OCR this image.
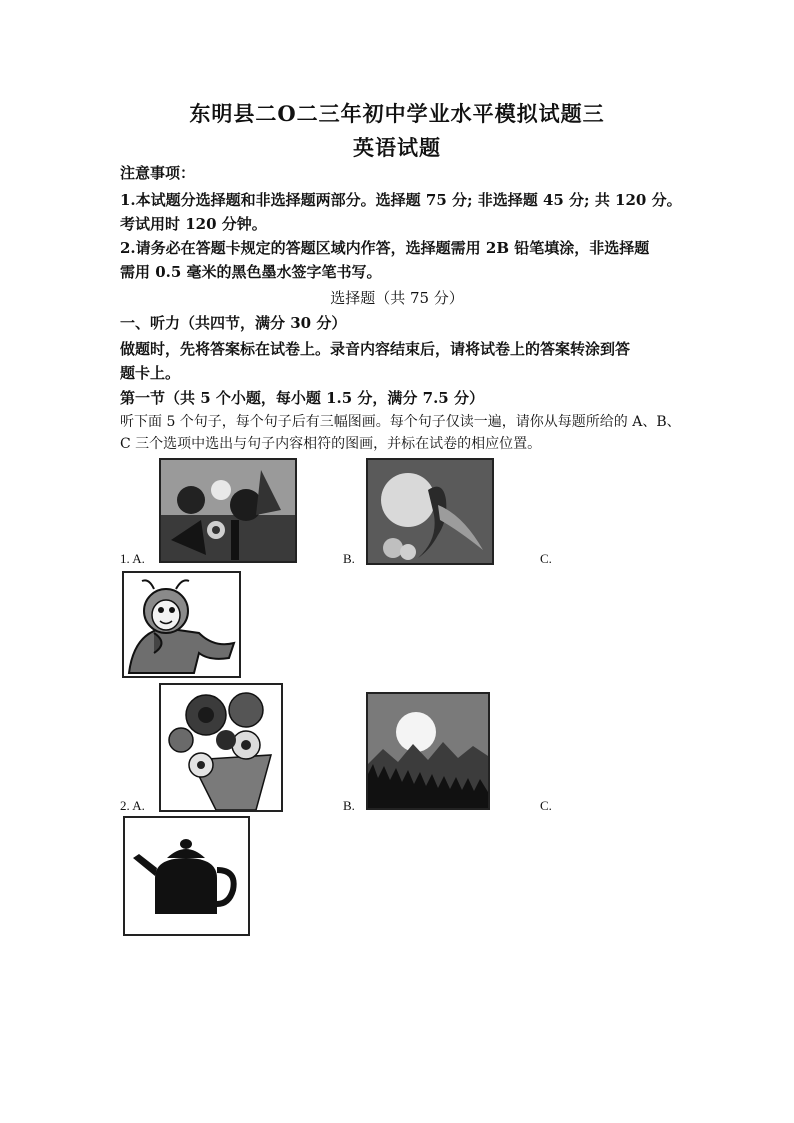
东明县二O二三年初中学业水平模拟试题三
英语试题
注意事项：
1.本试题分选择题和非选择题两部分。选择题 75 分; 非选择题 45 分; 共 120 分。
考试用时 120 分钟。
2.请务必在答题卡规定的答题区域内作答，选择题需用 2B 铅笔填涂，非选择题
需用 0.5 毫米的黑色墨水签字笔书写。
选择题（共 75 分）
一、听力（共四节，满分 30 分）
做题时，先将答案标在试卷上。录音内容结束后，请将试卷上的答案转涂到答
题卡上。
第一节（共 5 个小题，每小题 1.5 分，满分 7.5 分）
听下面 5 个句子，每个句子后有三幅图画。每个句子仅读一遍，请你从每题所给的 A、B、
C 三个选项中选出与句子内容相符的图画，并标在试卷的相应位置。
1. A.	B.	C.
2. A.	B.	C.
